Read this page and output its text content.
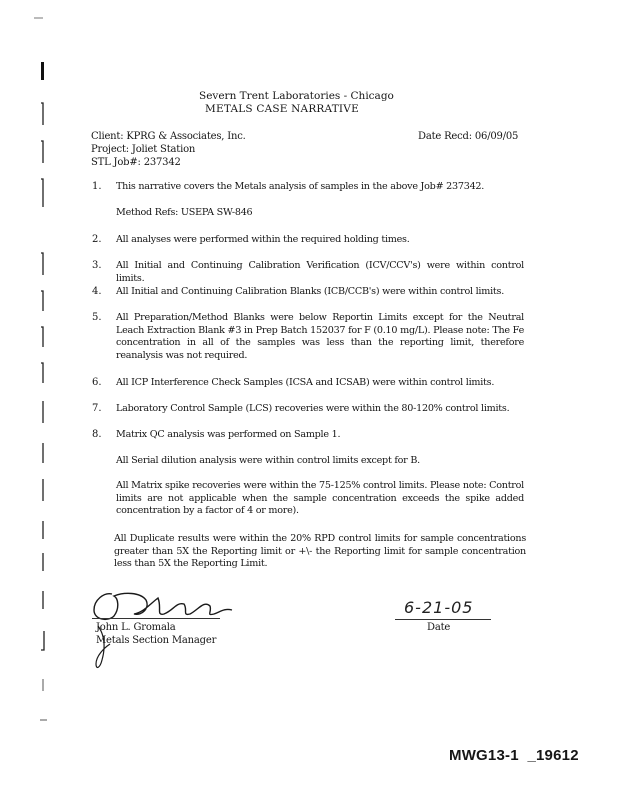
Severn Trent Laboratories - Chicago
METALS CASE NARRATIVE
Client: KPRG & Associates, Inc.	Date Recd: 06/09/05
Project: Joliet Station
STL Job#: 237342
1. This narrative covers the Metals analysis of samples in the above Job# 237342.
Method Refs: USEPA SW-846
2. All analyses were performed within the required holding times.
3. All Initial and Continuing Calibration Verification (ICV/CCV's) were within control limits.
4. All Initial and Continuing Calibration Blanks (ICB/CCB's) were within control limits.
5. All Preparation/Method Blanks were below Reportin Limits except for the Neutral Leach Extraction Blank #3 in Prep Batch 152037 for F (0.10 mg/L). Please note: The Fe concentration in all of the samples was less than the reporting limit, therefore reanalysis was not required.
6. All ICP Interference Check Samples (ICSA and ICSAB) were within control limits.
7. Laboratory Control Sample (LCS) recoveries were within the 80-120% control limits.
8. Matrix QC analysis was performed on Sample 1.
All Serial dilution analysis were within control limits except for B.
All Matrix spike recoveries were within the 75-125% control limits. Please note: Control limits are not applicable when the sample concentration exceeds the spike added concentration by a factor of 4 or more).
All Duplicate results were within the 20% RPD control limits for sample concentrations greater than 5X the Reporting limit or +\- the Reporting limit for sample concentration less than 5X the Reporting Limit.
John L. Gromala
Metals Section Manager
6-21-05
Date
MWG13-1  _19612
